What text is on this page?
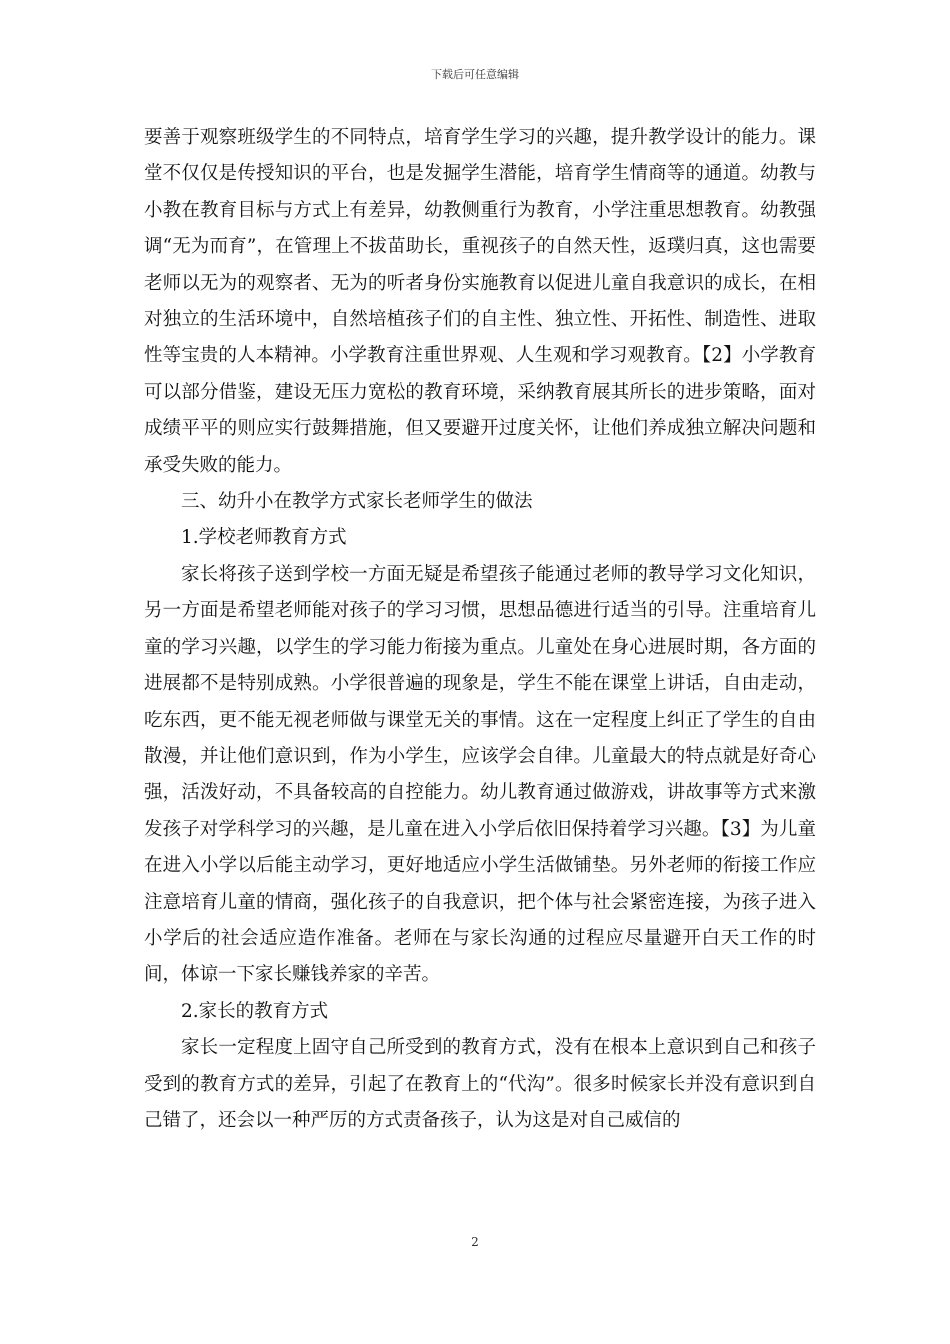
下载后可任意编辑

要善于观察班级学生的不同特点，培育学生学习的兴趣，提升教学设计的能力。课堂不仅仅是传授知识的平台，也是发掘学生潜能，培育学生情商等的通道。幼教与小教在教育目标与方式上有差异，幼教侧重行为教育，小学注重思想教育。幼教强调“无为而育”，在管理上不拔苗助长，重视孩子的自然天性，返璞归真，这也需要老师以无为的观察者、无为的听者身份实施教育以促进儿童自我意识的成长，在相对独立的生活环境中，自然培植孩子们的自主性、独立性、开拓性、制造性、进取性等宝贵的人本精神。小学教育注重世界观、人生观和学习观教育。【2】小学教育可以部分借鉴，建设无压力宽松的教育环境，采纳教育展其所长的进步策略，面对成绩平平的则应实行鼓舞措施，但又要避开过度关怀，让他们养成独立解决问题和承受失败的能力。

三、幼升小在教学方式家长老师学生的做法

1.学校老师教育方式

家长将孩子送到学校一方面无疑是希望孩子能通过老师的教导学习文化知识，另一方面是希望老师能对孩子的学习习惯，思想品德进行适当的引导。注重培育儿童的学习兴趣，以学生的学习能力衔接为重点。儿童处在身心进展时期，各方面的进展都不是特别成熟。小学很普遍的现象是，学生不能在课堂上讲话，自由走动，吃东西，更不能无视老师做与课堂无关的事情。这在一定程度上纠正了学生的自由散漫，并让他们意识到，作为小学生，应该学会自律。儿童最大的特点就是好奇心强，活泼好动，不具备较高的自控能力。幼儿教育通过做游戏，讲故事等方式来激发孩子对学科学习的兴趣，是儿童在进入小学后依旧保持着学习兴趣。【3】为儿童在进入小学以后能主动学习，更好地适应小学生活做铺垫。另外老师的衔接工作应注意培育儿童的情商，强化孩子的自我意识，把个体与社会紧密连接，为孩子进入小学后的社会适应造作准备。老师在与家长沟通的过程应尽量避开白天工作的时间，体谅一下家长赚钱养家的辛苦。

2.家长的教育方式

家长一定程度上固守自己所受到的教育方式，没有在根本上意识到自己和孩子受到的教育方式的差异，引起了在教育上的“代沟”。很多时候家长并没有意识到自己错了，还会以一种严厉的方式责备孩子，认为这是对自己威信的

2
